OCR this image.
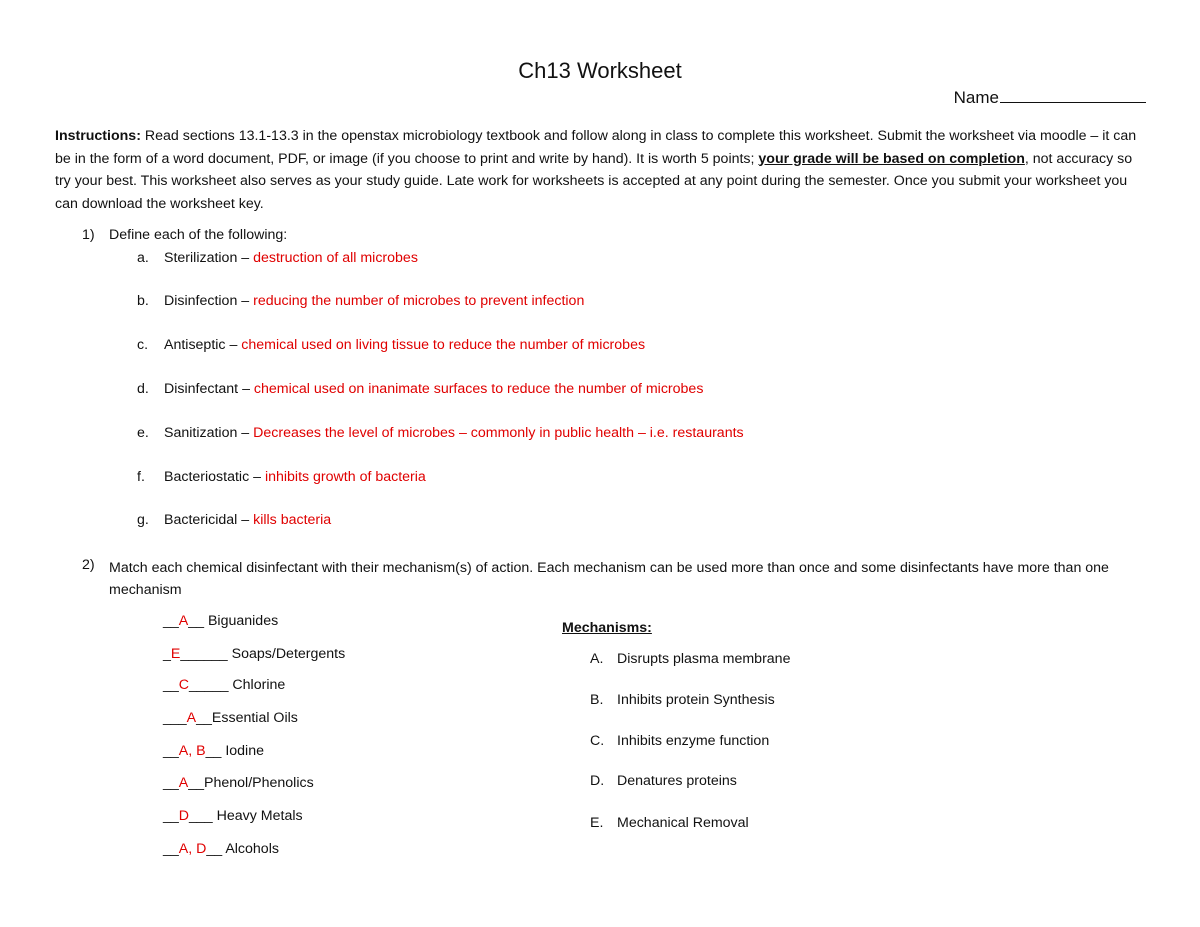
Ch13 Worksheet
Name
Instructions: Read sections 13.1-13.3 in the openstax microbiology textbook and follow along in class to complete this worksheet. Submit the worksheet via moodle – it can be in the form of a word document, PDF, or image (if you choose to print and write by hand). It is worth 5 points; your grade will be based on completion, not accuracy so try your best. This worksheet also serves as your study guide. Late work for worksheets is accepted at any point during the semester. Once you submit your worksheet you can download the worksheet key.
1) Define each of the following:
a. Sterilization – destruction of all microbes
b. Disinfection – reducing the number of microbes to prevent infection
c. Antiseptic – chemical used on living tissue to reduce the number of microbes
d. Disinfectant – chemical used on inanimate surfaces to reduce the number of microbes
e. Sanitization – Decreases the level of microbes – commonly in public health – i.e. restaurants
f. Bacteriostatic – inhibits growth of bacteria
g. Bactericidal – kills bacteria
2) Match each chemical disinfectant with their mechanism(s) of action. Each mechanism can be used more than once and some disinfectants have more than one mechanism
__A__ Biguanides
_E______ Soaps/Detergents
__C_____ Chlorine
___A__Essential Oils
__A, B__ Iodine
__A__Phenol/Phenolics
__D___ Heavy Metals
__A, D__ Alcohols
Mechanisms:
A. Disrupts plasma membrane
B. Inhibits protein Synthesis
C. Inhibits enzyme function
D. Denatures proteins
E. Mechanical Removal
